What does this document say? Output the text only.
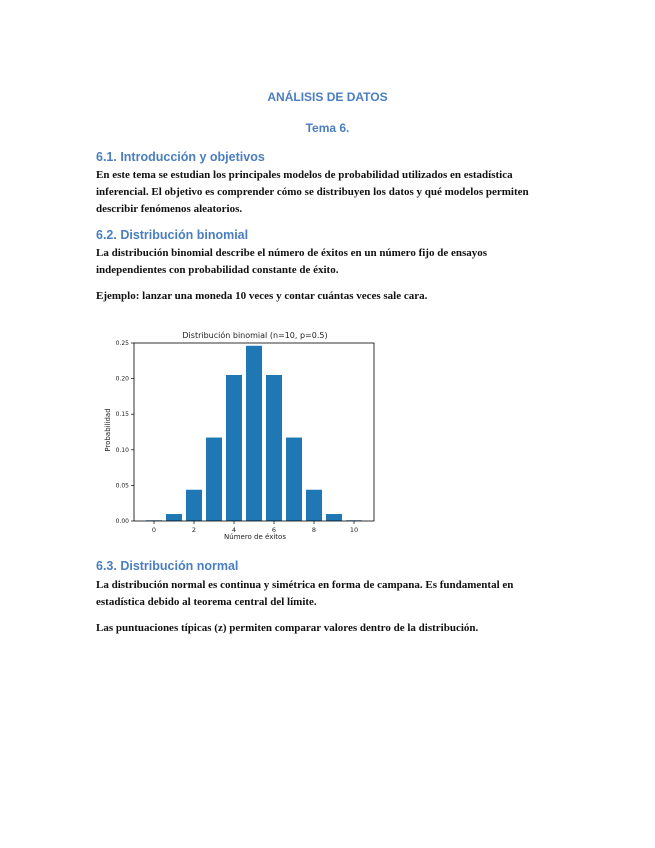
ANÁLISIS DE DATOS
Tema 6.
6.1. Introducción y objetivos

En este tema se estudian los principales modelos de probabilidad utilizados en estadística inferencial. El objetivo es comprender cómo se distribuyen los datos y qué modelos permiten describir fenómenos aleatorios.

6.2. Distribución binomial

La distribución binomial describe el número de éxitos en un número fijo de ensayos independientes con probabilidad constante de éxito.

Ejemplo: lanzar una moneda 10 veces y contar cuántas veces sale cara.

Distribución binomial (n=10, p=0.5)
0	2	4	6	8	10
0.00
0.05
0.10
0.15
0.20
0.25
Número de éxitos
Probabilidad
6.3. Distribución normal

La distribución normal es continua y simétrica en forma de campana. Es fundamental en estadística debido al teorema central del límite.

Las puntuaciones típicas (z) permiten comparar valores dentro de la distribución.
